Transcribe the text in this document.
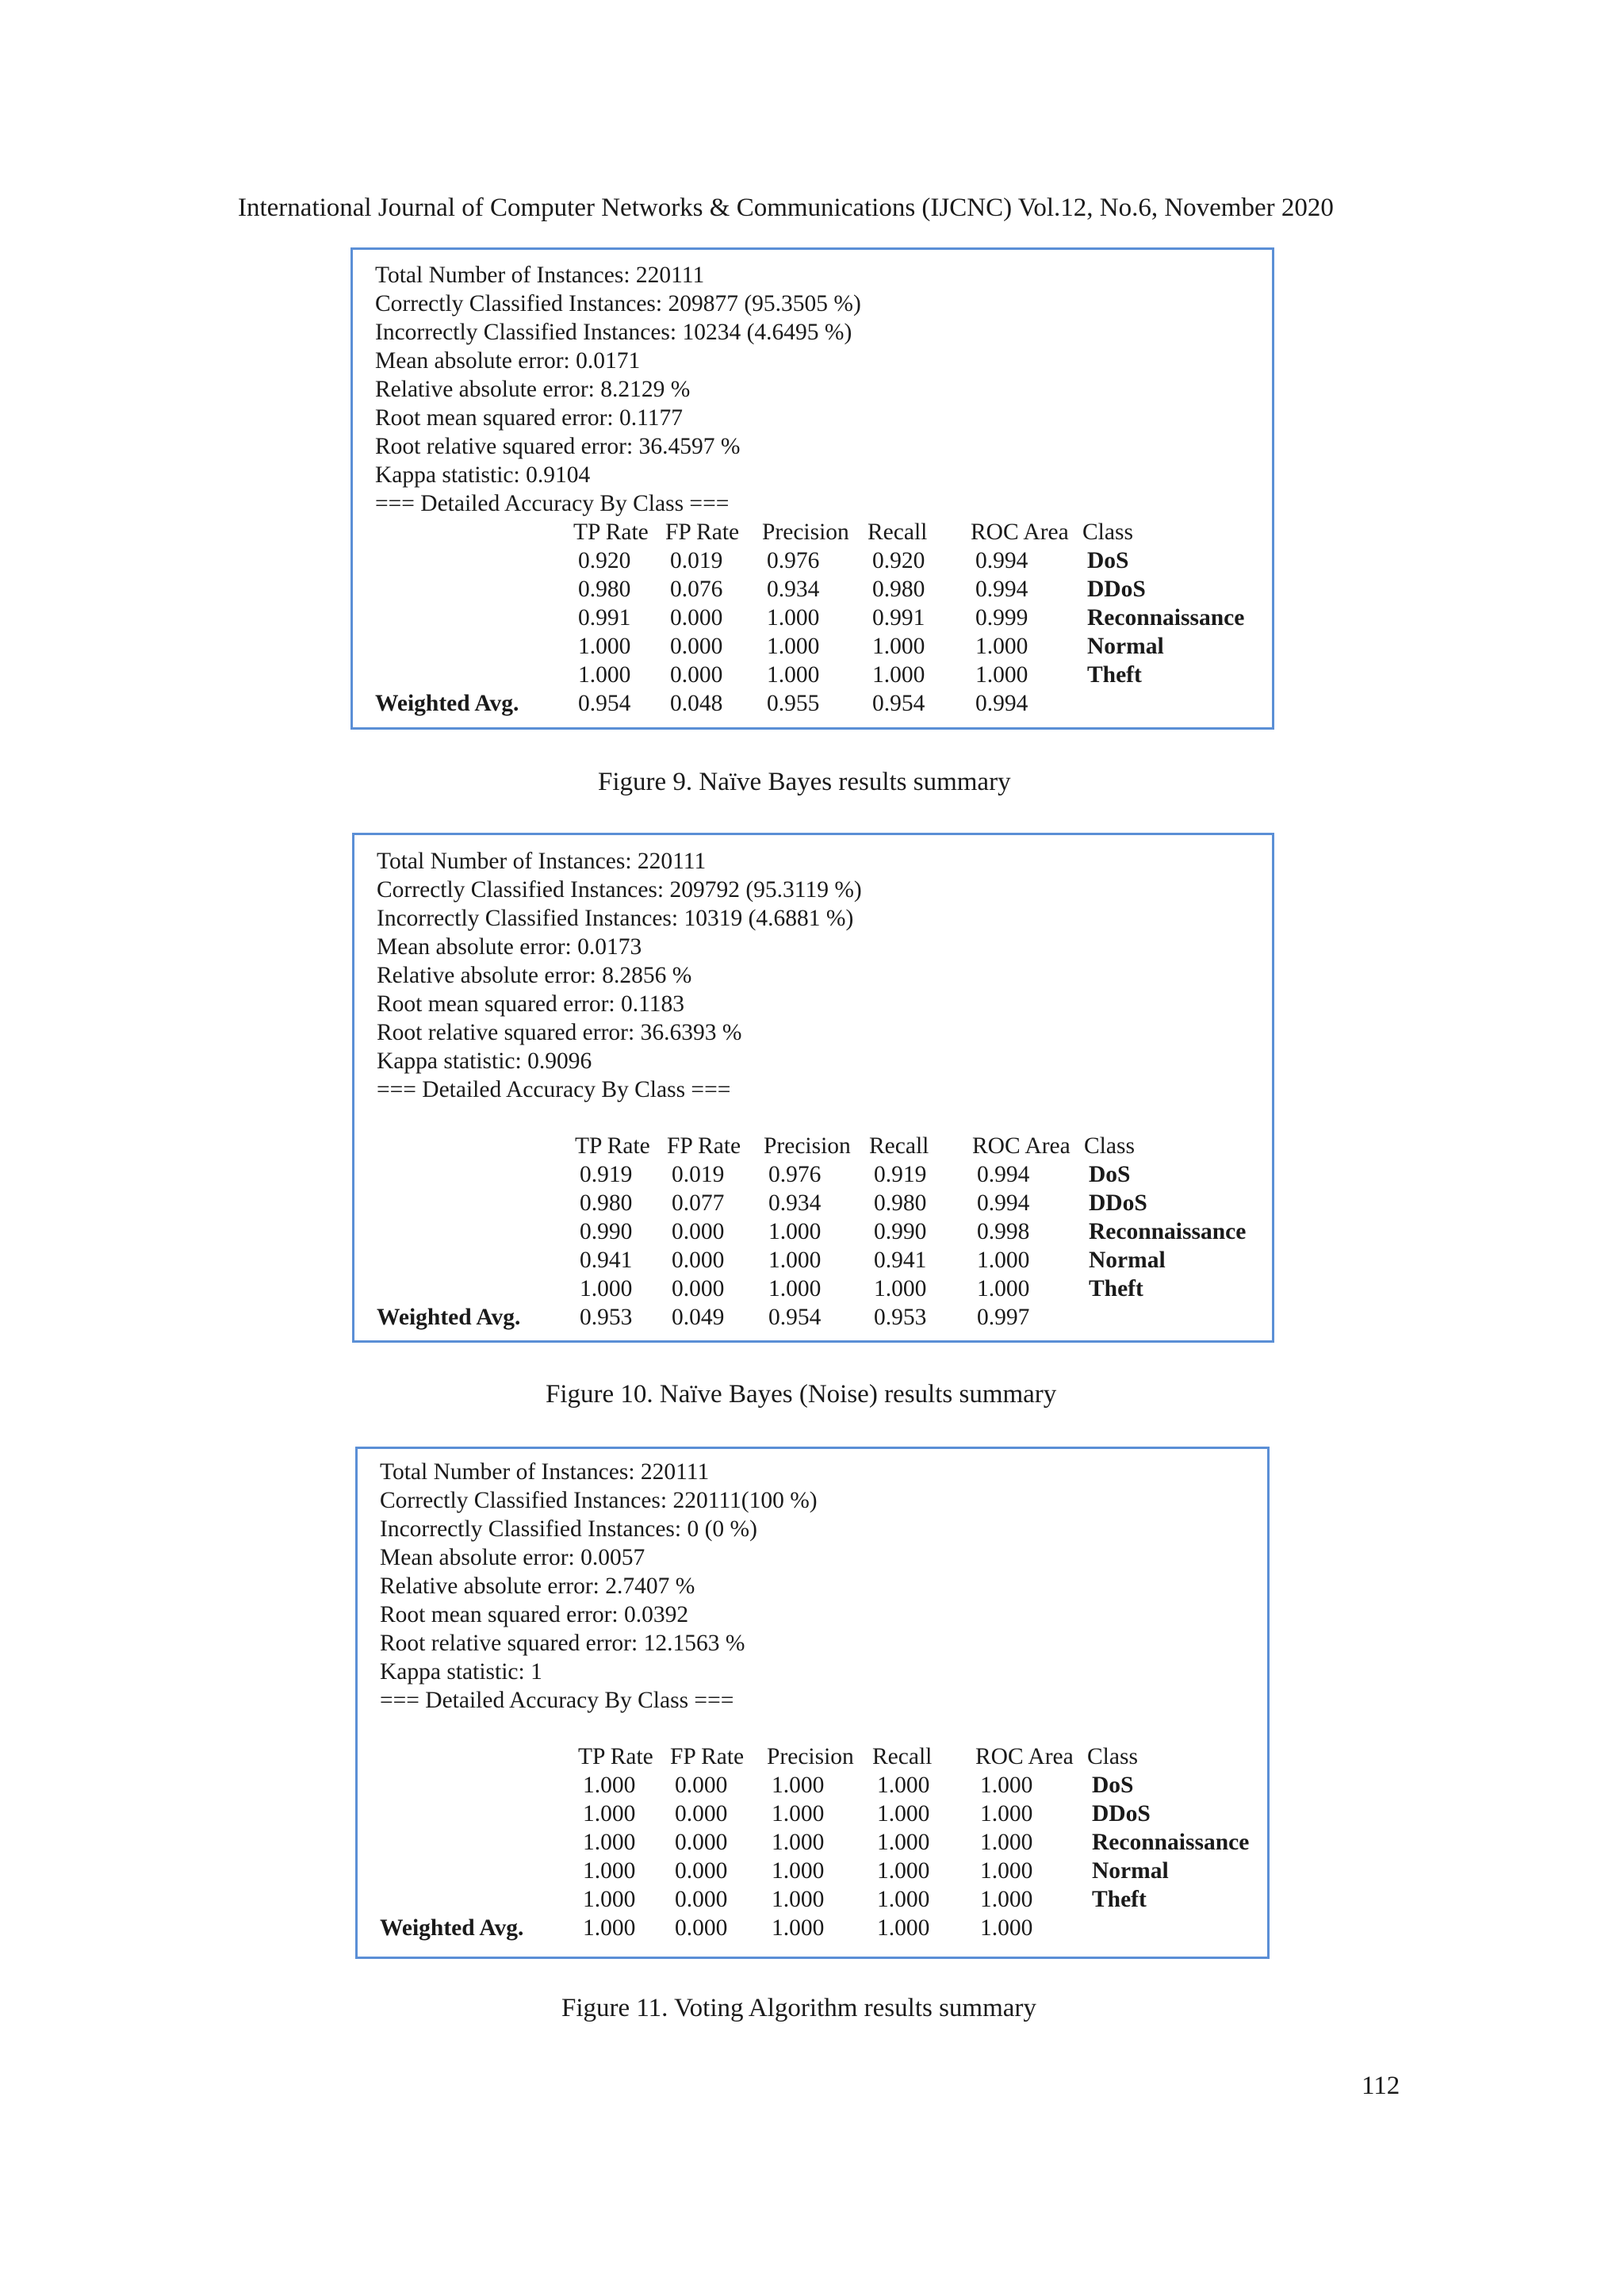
International Journal of Computer Networks & Communications (IJCNC) Vol.12, No.6, November 2020
Total Number of Instances: 220111
Correctly Classified Instances: 209877 (95.3505 %)
Incorrectly Classified Instances: 10234 (4.6495 %)
Mean absolute error: 0.0171
Relative absolute error: 8.2129 %
Root mean squared error: 0.1177
Root relative squared error: 36.4597 %
Kappa statistic: 0.9104
=== Detailed Accuracy By Class ===
TP Rate FP Rate Precision Recall ROC Area Class
0.920 0.019 0.976 0.920 0.994	DoS
0.980 0.076 0.934 0.980 0.994	DDoS
0.991 0.000 1.000 0.991 0.999	Reconnaissance
1.000 0.000 1.000 1.000 1.000	Normal
1.000 0.000 1.000 1.000 1.000	Theft
Weighted Avg.	0.954 0.048 0.955 0.954 0.994
Figure 9. Naïve Bayes results summary
Total Number of Instances: 220111
Correctly Classified Instances: 209792 (95.3119 %)
Incorrectly Classified Instances: 10319 (4.6881 %)
Mean absolute error: 0.0173
Relative absolute error: 8.2856 %
Root mean squared error: 0.1183
Root relative squared error: 36.6393 %
Kappa statistic: 0.9096
=== Detailed Accuracy By Class ===
TP Rate FP Rate Precision Recall ROC Area Class
0.919 0.019 0.976 0.919 0.994	DoS
0.980 0.077 0.934 0.980 0.994	DDoS
0.990 0.000 1.000 0.990 0.998	Reconnaissance
0.941 0.000 1.000 0.941 1.000	Normal
1.000 0.000 1.000 1.000 1.000	Theft
Weighted Avg.	0.953 0.049 0.954 0.953 0.997
Figure 10. Naïve Bayes (Noise) results summary
Total Number of Instances: 220111
Correctly Classified Instances: 220111(100 %)
Incorrectly Classified Instances: 0 (0 %)
Mean absolute error: 0.0057
Relative absolute error: 2.7407 %
Root mean squared error: 0.0392
Root relative squared error: 12.1563 %
Kappa statistic: 1
=== Detailed Accuracy By Class ===
TP Rate FP Rate Precision Recall ROC Area Class
1.000 0.000 1.000 1.000 1.000	DoS
1.000 0.000 1.000 1.000 1.000	DDoS
1.000 0.000 1.000 1.000 1.000	Reconnaissance
1.000 0.000 1.000 1.000 1.000	Normal
1.000 0.000 1.000 1.000 1.000	Theft
Weighted Avg.	1.000 0.000 1.000 1.000 1.000
Figure 11. Voting Algorithm results summary
112
